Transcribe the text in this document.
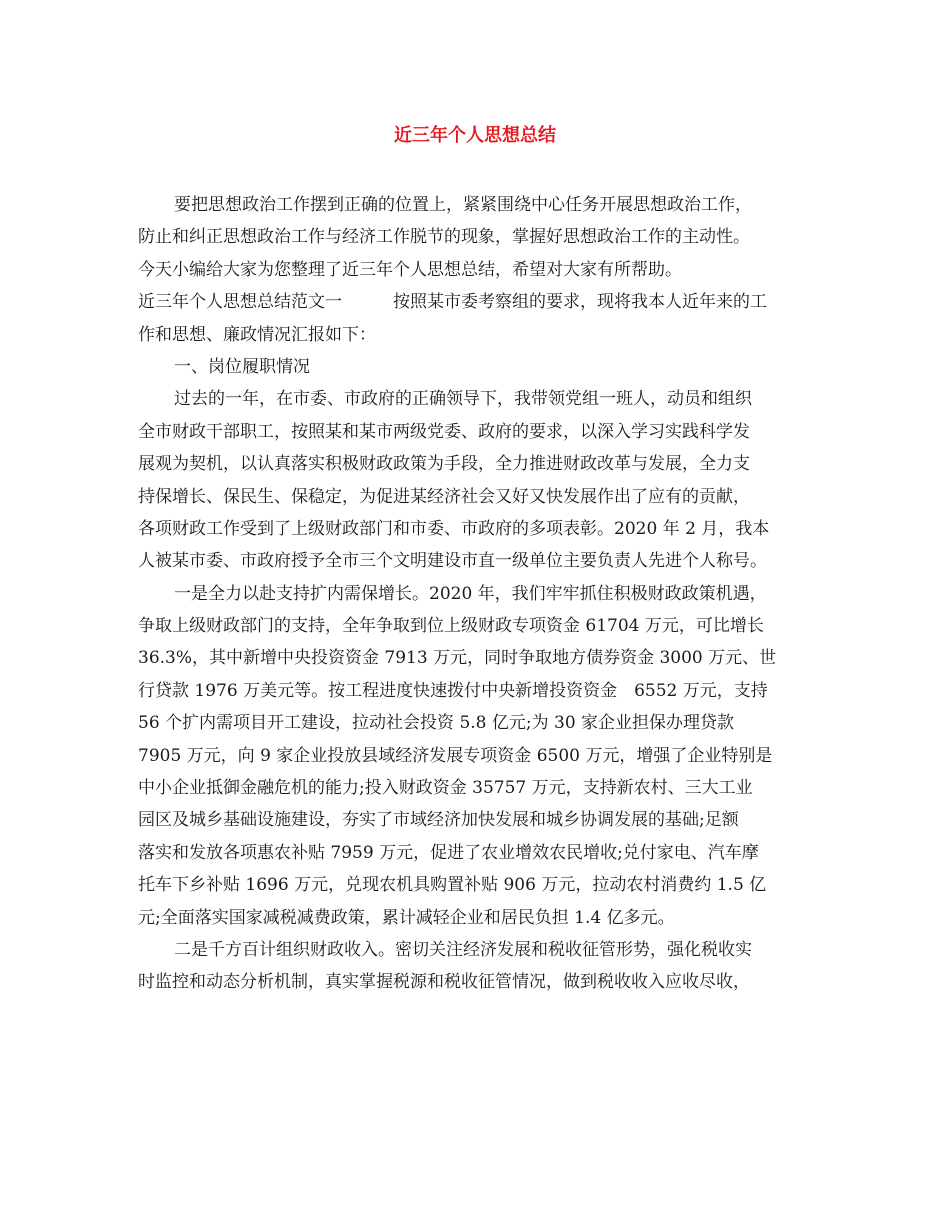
近三年个人思想总结
要把思想政治工作摆到正确的位置上，紧紧围绕中心任务开展思想政治工作，
防止和纠正思想政治工作与经济工作脱节的现象，掌握好思想政治工作的主动性。
今天小编给大家为您整理了近三年个人思想总结，希望对大家有所帮助。
近三年个人思想总结范文一　　　按照某市委考察组的要求，现将我本人近年来的工
作和思想、廉政情况汇报如下：
一、岗位履职情况
过去的一年，在市委、市政府的正确领导下，我带领党组一班人，动员和组织
全市财政干部职工，按照某和某市两级党委、政府的要求，以深入学习实践科学发
展观为契机，以认真落实积极财政政策为手段，全力推进财政改革与发展，全力支
持保增长、保民生、保稳定，为促进某经济社会又好又快发展作出了应有的贡献，
各项财政工作受到了上级财政部门和市委、市政府的多项表彰。2020 年 2 月，我本
人被某市委、市政府授予全市三个文明建设市直一级单位主要负责人先进个人称号。
一是全力以赴支持扩内需保增长。2020 年，我们牢牢抓住积极财政政策机遇，
争取上级财政部门的支持，全年争取到位上级财政专项资金 61704 万元，可比增长
36.3%，其中新增中央投资资金 7913 万元，同时争取地方债券资金 3000 万元、世
行贷款 1976 万美元等。按工程进度快速拨付中央新增投资资金　6552 万元，支持
56 个扩内需项目开工建设，拉动社会投资 5.8 亿元;为 30 家企业担保办理贷款
7905 万元，向 9 家企业投放县域经济发展专项资金 6500 万元，增强了企业特别是
中小企业抵御金融危机的能力;投入财政资金 35757 万元，支持新农村、三大工业
园区及城乡基础设施建设，夯实了市域经济加快发展和城乡协调发展的基础;足额
落实和发放各项惠农补贴 7959 万元，促进了农业增效农民增收;兑付家电、汽车摩
托车下乡补贴 1696 万元，兑现农机具购置补贴 906 万元，拉动农村消费约 1.5 亿
元;全面落实国家减税减费政策，累计减轻企业和居民负担 1.4 亿多元。
二是千方百计组织财政收入。密切关注经济发展和税收征管形势，强化税收实
时监控和动态分析机制，真实掌握税源和税收征管情况，做到税收收入应收尽收，
